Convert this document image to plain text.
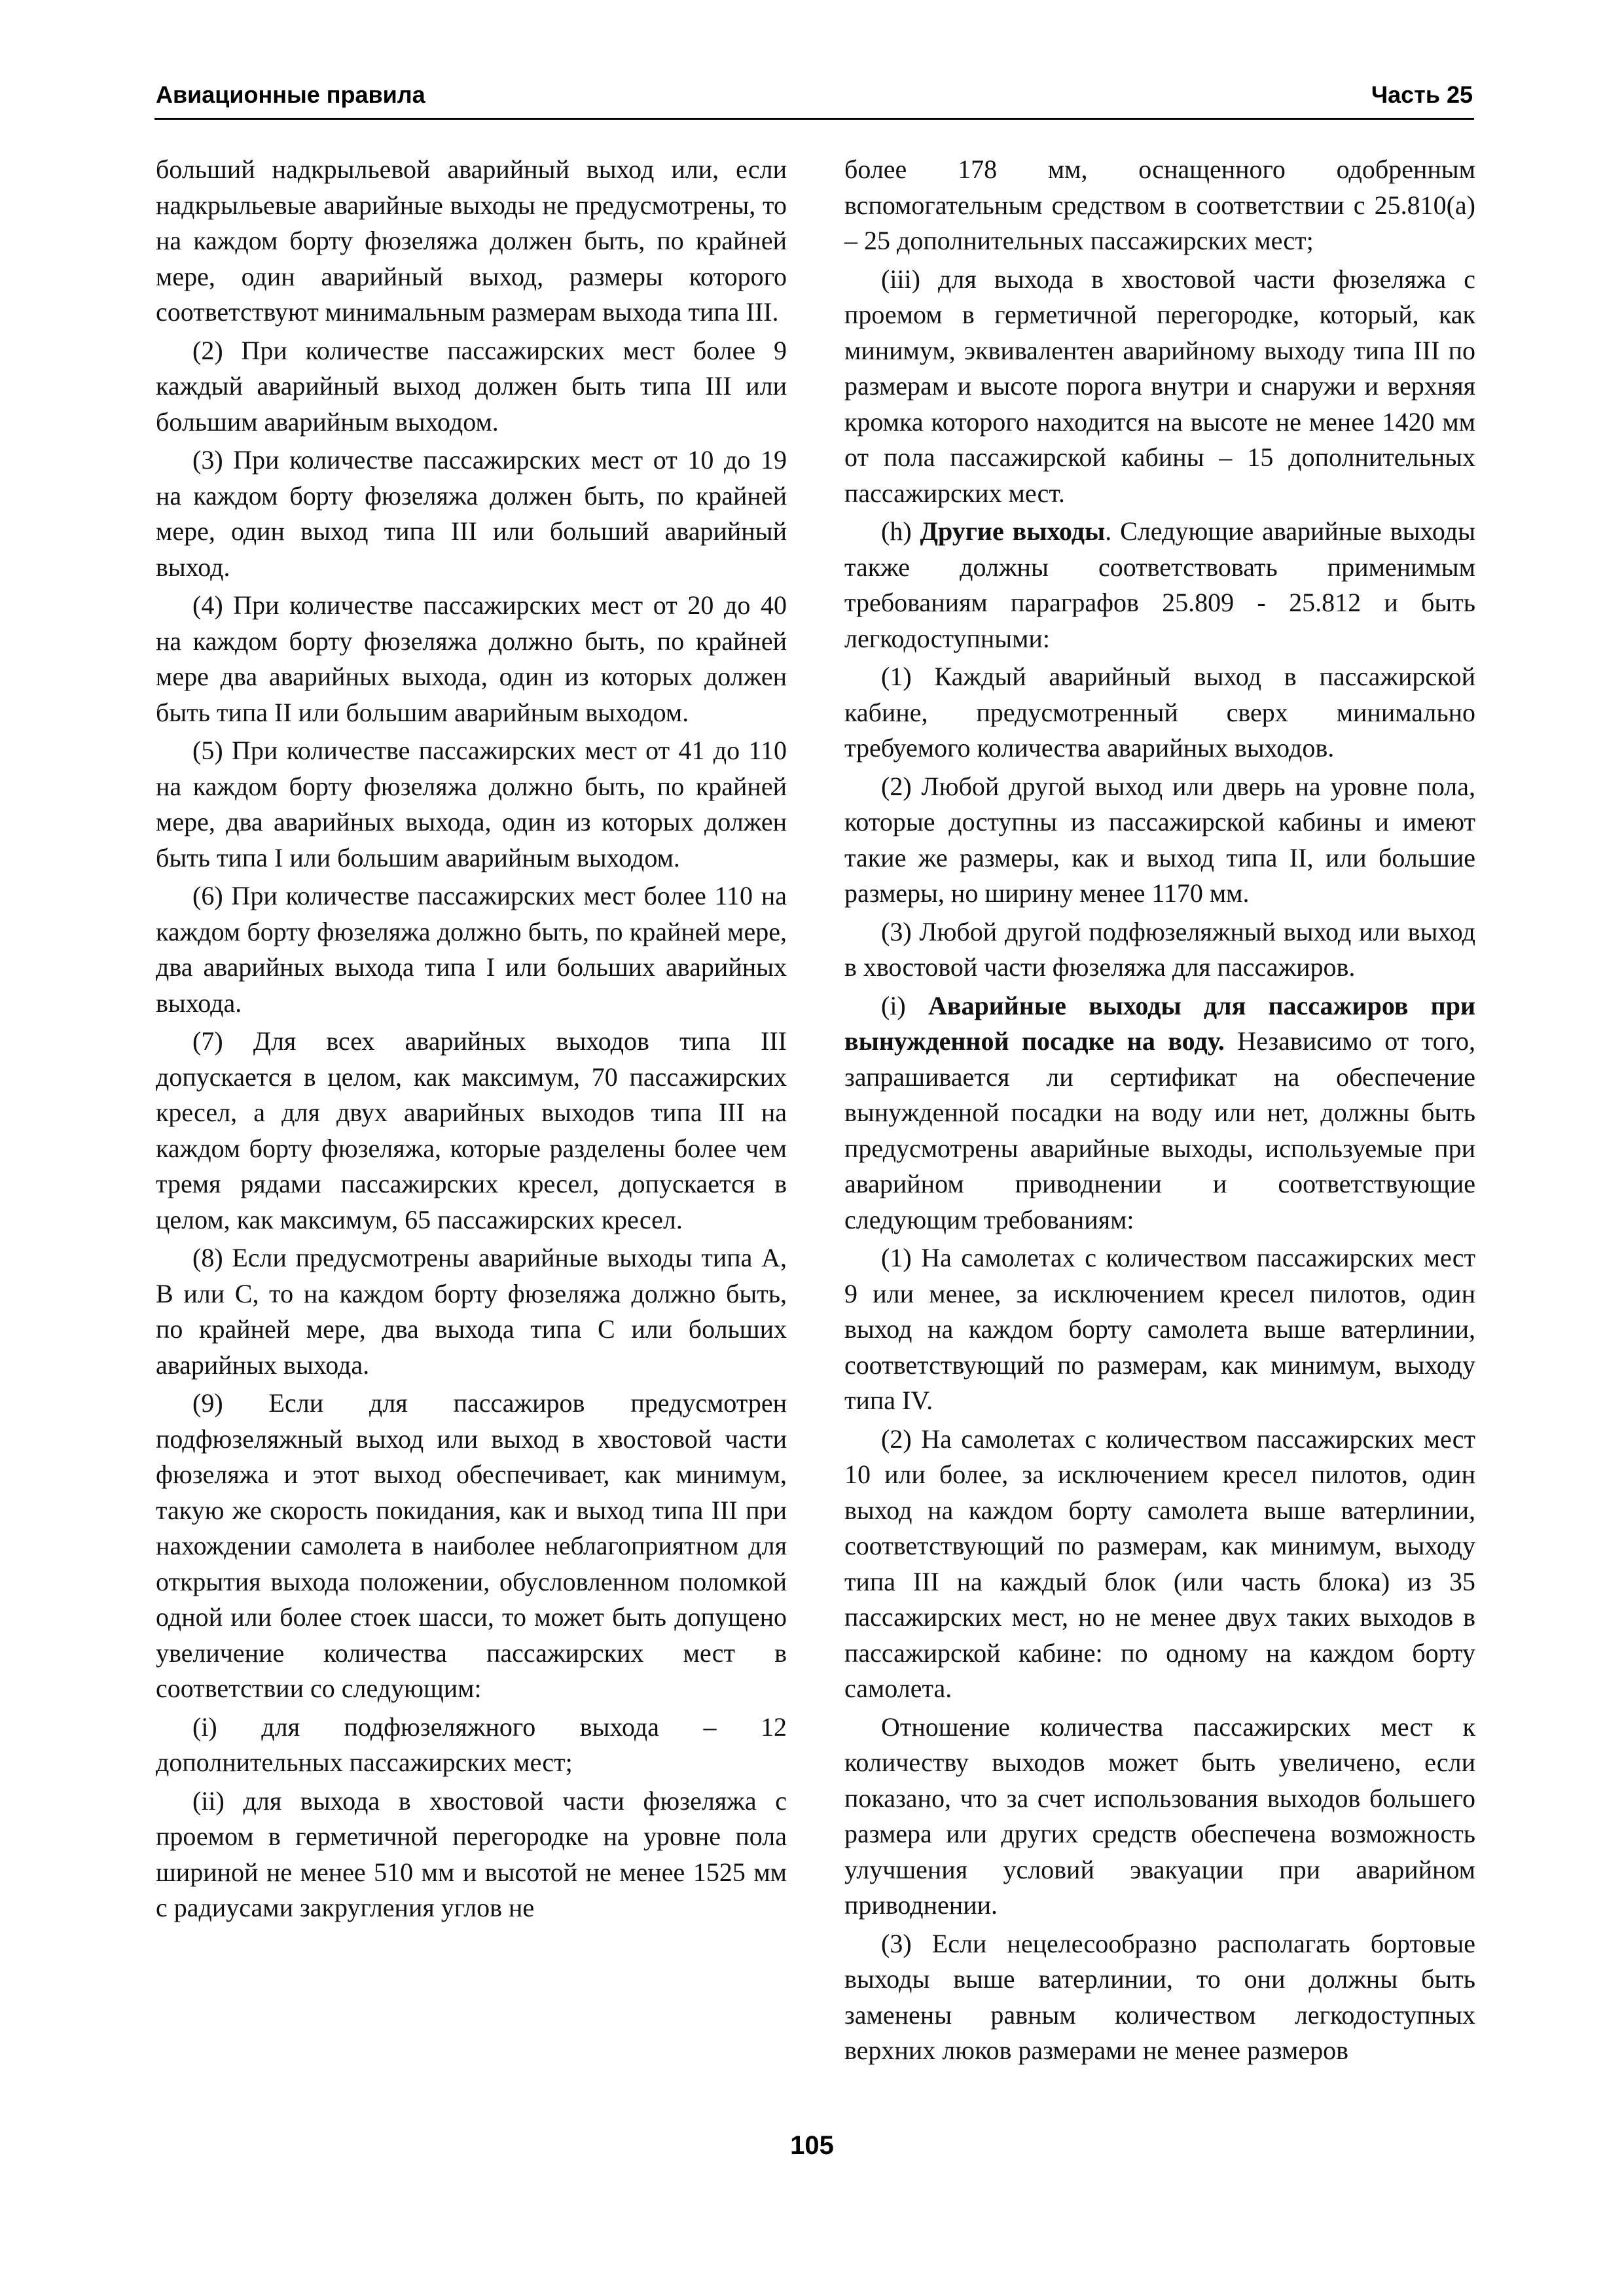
Авиационные правила	Часть 25

больший надкрыльевой аварийный выход или, если надкрыльевые аварийные выходы не предусмотрены, то на каждом борту фюзеляжа должен быть, по крайней мере, один аварийный выход, размеры которого соответствуют минимальным размерам выхода типа III.

(2) При количестве пассажирских мест более 9 каждый аварийный выход должен быть типа III или большим аварийным выходом.

(3) При количестве пассажирских мест от 10 до 19 на каждом борту фюзеляжа должен быть, по крайней мере, один выход типа III или больший аварийный выход.

(4) При количестве пассажирских мест от 20 до 40 на каждом борту фюзеляжа должно быть, по крайней мере два аварийных выхода, один из которых должен быть типа II или большим аварийным выходом.

(5) При количестве пассажирских мест от 41 до 110 на каждом борту фюзеляжа должно быть, по крайней мере, два аварийных выхода, один из которых должен быть типа I или большим аварийным выходом.

(6) При количестве пассажирских мест более 110 на каждом борту фюзеляжа должно быть, по крайней мере, два аварийных выхода типа I или больших аварийных выхода.

(7) Для всех аварийных выходов типа III допускается в целом, как максимум, 70 пассажирских кресел, а для двух аварийных выходов типа III на каждом борту фюзеляжа, которые разделены более чем тремя рядами пассажирских кресел, допускается в целом, как максимум, 65 пассажирских кресел.

(8) Если предусмотрены аварийные выходы типа А, В или С, то на каждом борту фюзеляжа должно быть, по крайней мере, два выхода типа С или больших аварийных выхода.

(9) Если для пассажиров предусмотрен подфюзеляжный выход или выход в хвостовой части фюзеляжа и этот выход обеспечивает, как минимум, такую же скорость покидания, как и выход типа III при нахождении самолета в наиболее неблагоприятном для открытия выхода положении, обусловленном поломкой одной или более стоек шасси, то может быть допущено увеличение количества пассажирских мест в соответствии со следующим:

(i) для подфюзеляжного выхода – 12 дополнительных пассажирских мест;

(ii) для выхода в хвостовой части фюзеляжа с проемом в герметичной перегородке на уровне пола шириной не менее 510 мм и высотой не менее 1525 мм с радиусами закругления углов не

более 178 мм, оснащенного одобренным вспомогательным средством в соответствии с 25.810(a) – 25 дополнительных пассажирских мест;

(iii) для выхода в хвостовой части фюзеляжа с проемом в герметичной перегородке, который, как минимум, эквивалентен аварийному выходу типа III по размерам и высоте порога внутри и снаружи и верхняя кромка которого находится на высоте не менее 1420 мм от пола пассажирской кабины – 15 дополнительных пассажирских мест.

(h) Другие выходы. Следующие аварийные выходы также должны соответствовать применимым требованиям параграфов 25.809 - 25.812 и быть легкодоступными:

(1) Каждый аварийный выход в пассажирской кабине, предусмотренный сверх минимально требуемого количества аварийных выходов.

(2) Любой другой выход или дверь на уровне пола, которые доступны из пассажирской кабины и имеют такие же размеры, как и выход типа II, или большие размеры, но ширину менее 1170 мм.

(3) Любой другой подфюзеляжный выход или выход в хвостовой части фюзеляжа для пассажиров.

(i) Аварийные выходы для пассажиров при вынужденной посадке на воду. Независимо от того, запрашивается ли сертификат на обеспечение вынужденной посадки на воду или нет, должны быть предусмотрены аварийные выходы, используемые при аварийном приводнении и соответствующие следующим требованиям:

(1) На самолетах с количеством пассажирских мест 9 или менее, за исключением кресел пилотов, один выход на каждом борту самолета выше ватерлинии, соответствующий по размерам, как минимум, выходу типа IV.

(2) На самолетах с количеством пассажирских мест 10 или более, за исключением кресел пилотов, один выход на каждом борту самолета выше ватерлинии, соответствующий по размерам, как минимум, выходу типа III на каждый блок (или часть блока) из 35 пассажирских мест, но не менее двух таких выходов в пассажирской кабине: по одному на каждом борту самолета.

Отношение количества пассажирских мест к количеству выходов может быть увеличено, если показано, что за счет использования выходов большего размера или других средств обеспечена возможность улучшения условий эвакуации при аварийном приводнении.

(3) Если нецелесообразно располагать бортовые выходы выше ватерлинии, то они должны быть заменены равным количеством легкодоступных верхних люков размерами не менее размеров

105
